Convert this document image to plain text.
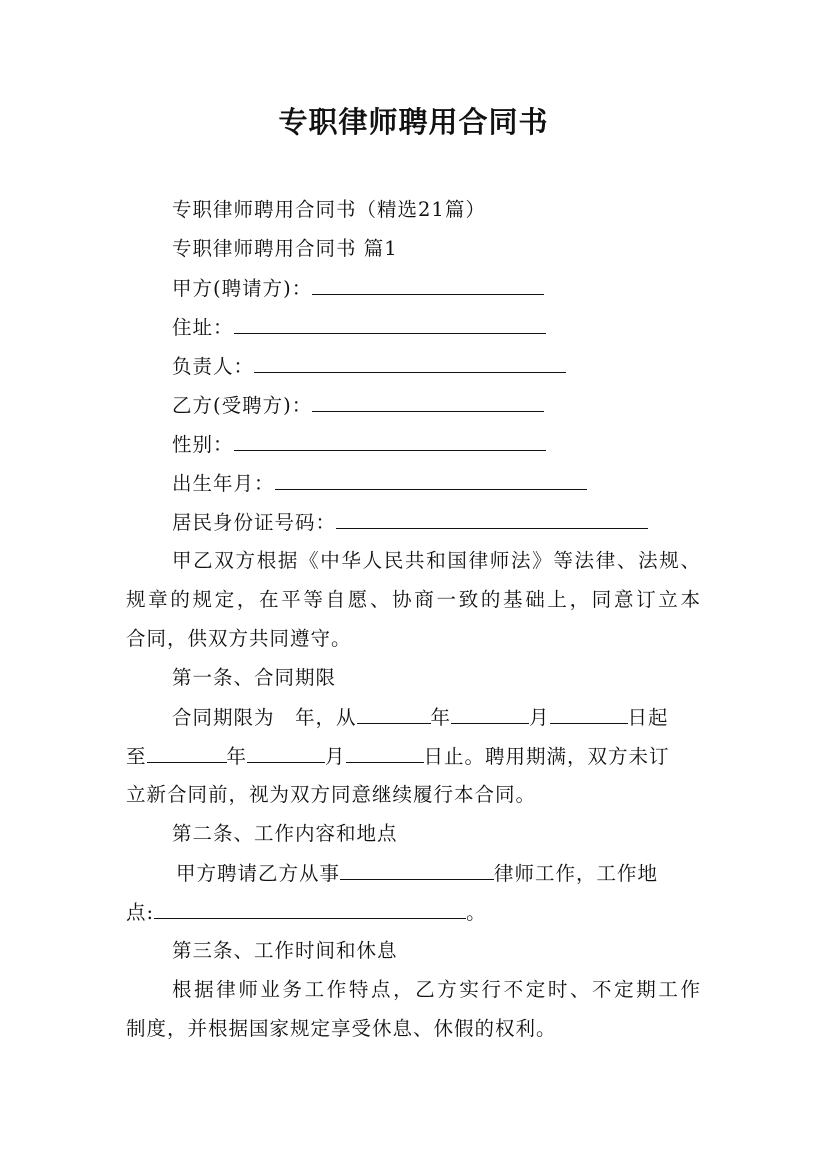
专职律师聘用合同书
专职律师聘用合同书（精选21篇）
专职律师聘用合同书 篇1
甲方(聘请方)：
住址：
负责人：
乙方(受聘方)：
性别：
出生年月：
居民身份证号码：
甲乙双方根据《中华人民共和国律师法》等法律、法规、
规章的规定，在平等自愿、协商一致的基础上，同意订立本
合同，供双方共同遵守。
第一条、合同期限
合同期限为　年，从	年	月	日起
至	年	月	日止。聘用期满，双方未订
立新合同前，视为双方同意继续履行本合同。
第二条、工作内容和地点
甲方聘请乙方从事	律师工作，工作地
点:	。
第三条、工作时间和休息
根据律师业务工作特点，乙方实行不定时、不定期工作
制度，并根据国家规定享受休息、休假的权利。
